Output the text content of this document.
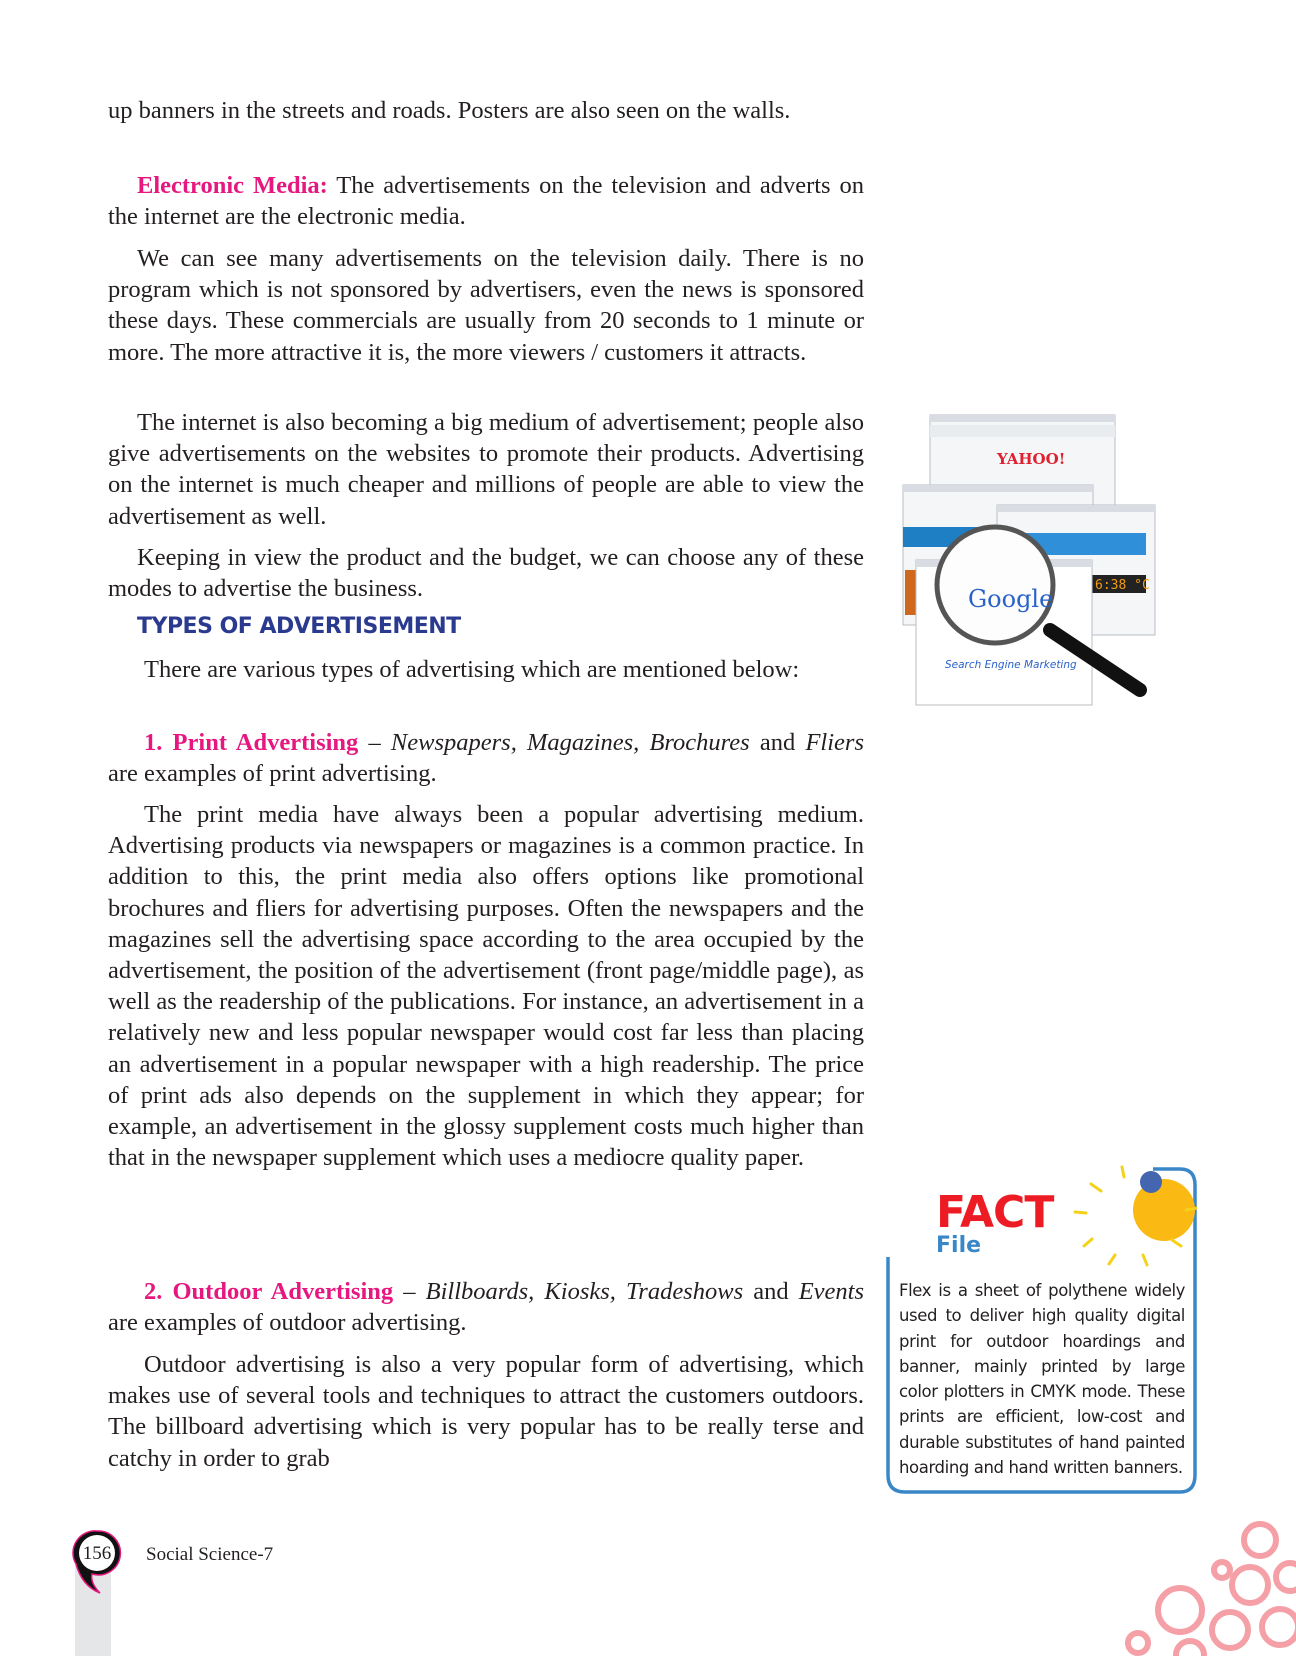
up banners in the streets and roads. Posters are also seen on the walls.

Electronic Media: The advertisements on the television and adverts on the internet are the electronic media.

We can see many advertisements on the television daily. There is no program which is not sponsored by advertisers, even the news is sponsored these days. These commercials are usually from 20 seconds to 1 minute or more. The more attractive it is, the more viewers / customers it attracts.

The internet is also becoming a big medium of advertisement; people also give advertisements on the websites to promote their products. Advertising on the internet is much cheaper and millions of people are able to view the advertisement as well.

Keeping in view the product and the budget, we can choose any of these modes to advertise the business.

TYPES OF ADVERTISEMENT

There are various types of advertising which are mentioned below:

1. Print Advertising – Newspapers, Magazines, Brochures and Fliers are examples of print advertising.

The print media have always been a popular advertising medium. Advertising products via newspapers or magazines is a common practice. In addition to this, the print media also offers options like promotional brochures and fliers for advertising purposes. Often the newspapers and the magazines sell the advertising space according to the area occupied by the advertisement, the position of the advertisement (front page/middle page), as well as the readership of the publications. For instance, an advertisement in a relatively new and less popular newspaper would cost far less than placing an advertisement in a popular newspaper with a high readership. The price of print ads also depends on the supplement in which they appear; for example, an advertisement in the glossy supplement costs much higher than that in the newspaper supplement which uses a mediocre quality paper.

2. Outdoor Advertising – Billboards, Kiosks, Tradeshows and Events are examples of outdoor advertising.

Outdoor advertising is also a very popular form of advertising, which makes use of several tools and techniques to attract the customers outdoors. The billboard advertising which is very popular has to be really terse and catchy in order to grab

6:38 °C
YAHOO!
Google
Search Engine Marketing
FACT
File

Flex is a sheet of polythene widely used to deliver high quality digital print for outdoor hoardings and banner, mainly printed by large color plotters in CMYK mode. These prints are efficient, low-cost and durable substitutes of hand painted hoarding and hand written banners.

156	Social Science-7
